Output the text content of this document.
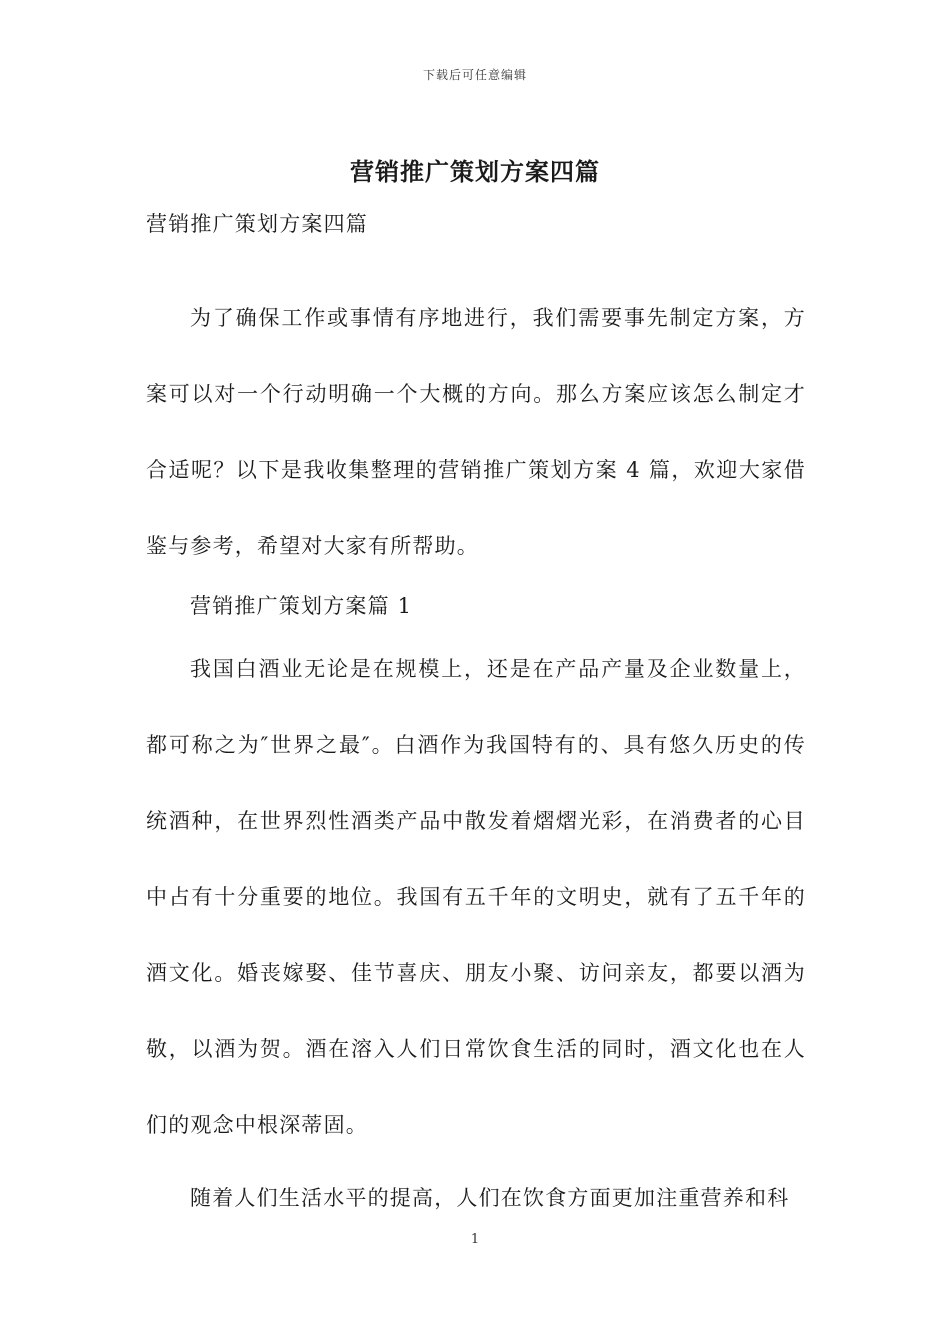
下载后可任意编辑
营销推广策划方案四篇

营销推广策划方案四篇

为了确保工作或事情有序地进行，我们需要事先制定方案，方案可以对一个行动明确一个大概的方向。那么方案应该怎么制定才合适呢？以下是我收集整理的营销推广策划方案 4 篇，欢迎大家借鉴与参考，希望对大家有所帮助。

营销推广策划方案篇 1

我国白酒业无论是在规模上，还是在产品产量及企业数量上，都可称之为″世界之最″。白酒作为我国特有的、具有悠久历史的传统酒种，在世界烈性酒类产品中散发着熠熠光彩，在消费者的心目中占有十分重要的地位。我国有五千年的文明史，就有了五千年的酒文化。婚丧嫁娶、佳节喜庆、朋友小聚、访问亲友，都要以酒为敬，以酒为贺。酒在溶入人们日常饮食生活的同时，酒文化也在人们的观念中根深蒂固。

随着人们生活水平的提高，人们在饮食方面更加注重营养和科

1
